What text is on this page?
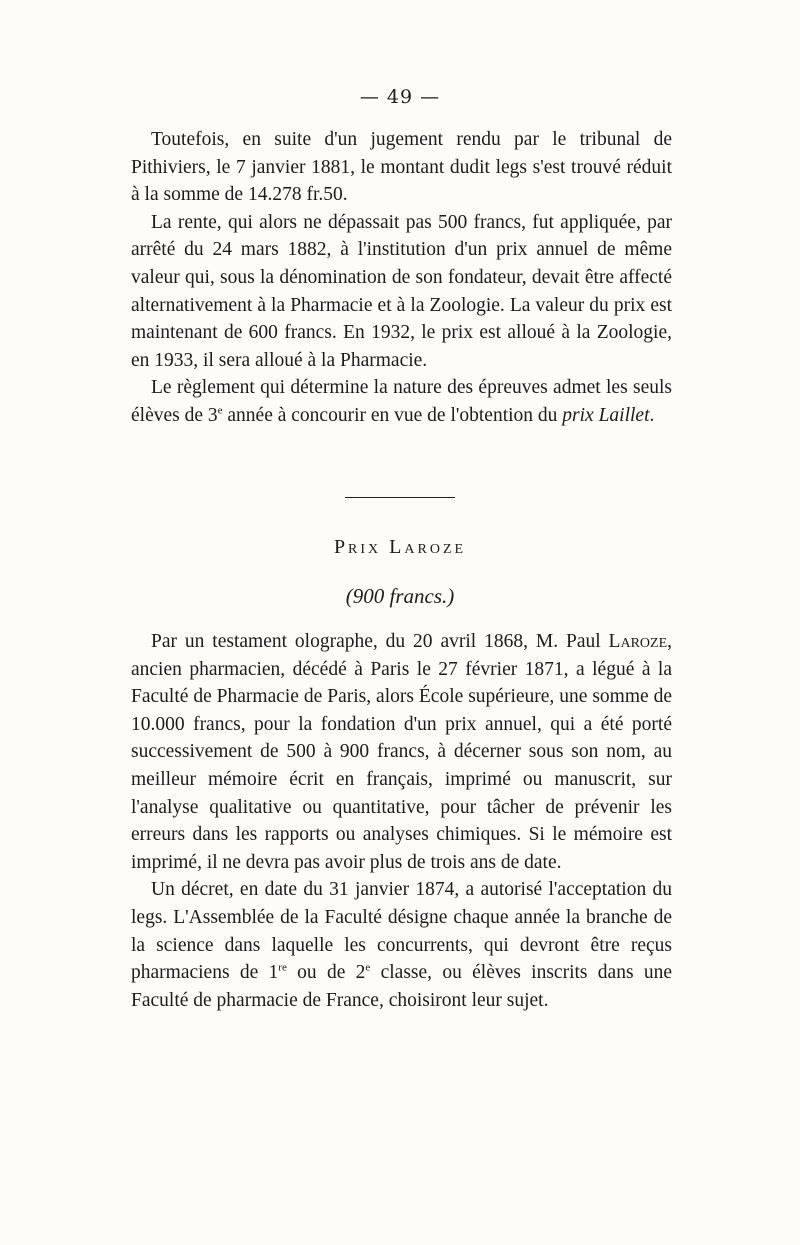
— 49 —

Toutefois, en suite d'un jugement rendu par le tribunal de Pithiviers, le 7 janvier 1881, le montant dudit legs s'est trouvé réduit à la somme de 14.278 fr.50.

La rente, qui alors ne dépassait pas 500 francs, fut appliquée, par arrêté du 24 mars 1882, à l'institution d'un prix annuel de même valeur qui, sous la dénomination de son fondateur, devait être affecté alternativement à la Pharmacie et à la Zoologie. La valeur du prix est maintenant de 600 francs. En 1932, le prix est alloué à la Zoologie, en 1933, il sera alloué à la Pharmacie.

Le règlement qui détermine la nature des épreuves admet les seuls élèves de 3e année à concourir en vue de l'obtention du prix Laillet.

Prix Laroze
(900 francs.)

Par un testament olographe, du 20 avril 1868, M. Paul Laroze, ancien pharmacien, décédé à Paris le 27 février 1871, a légué à la Faculté de Pharmacie de Paris, alors École supérieure, une somme de 10.000 francs, pour la fondation d'un prix annuel, qui a été porté successivement de 500 à 900 francs, à décerner sous son nom, au meilleur mémoire écrit en français, imprimé ou manuscrit, sur l'analyse qualitative ou quantitative, pour tâcher de prévenir les erreurs dans les rapports ou analyses chimiques. Si le mémoire est imprimé, il ne devra pas avoir plus de trois ans de date.

Un décret, en date du 31 janvier 1874, a autorisé l'acceptation du legs. L'Assemblée de la Faculté désigne chaque année la branche de la science dans laquelle les concurrents, qui devront être reçus pharmaciens de 1re ou de 2e classe, ou élèves inscrits dans une Faculté de pharmacie de France, choisiront leur sujet.
